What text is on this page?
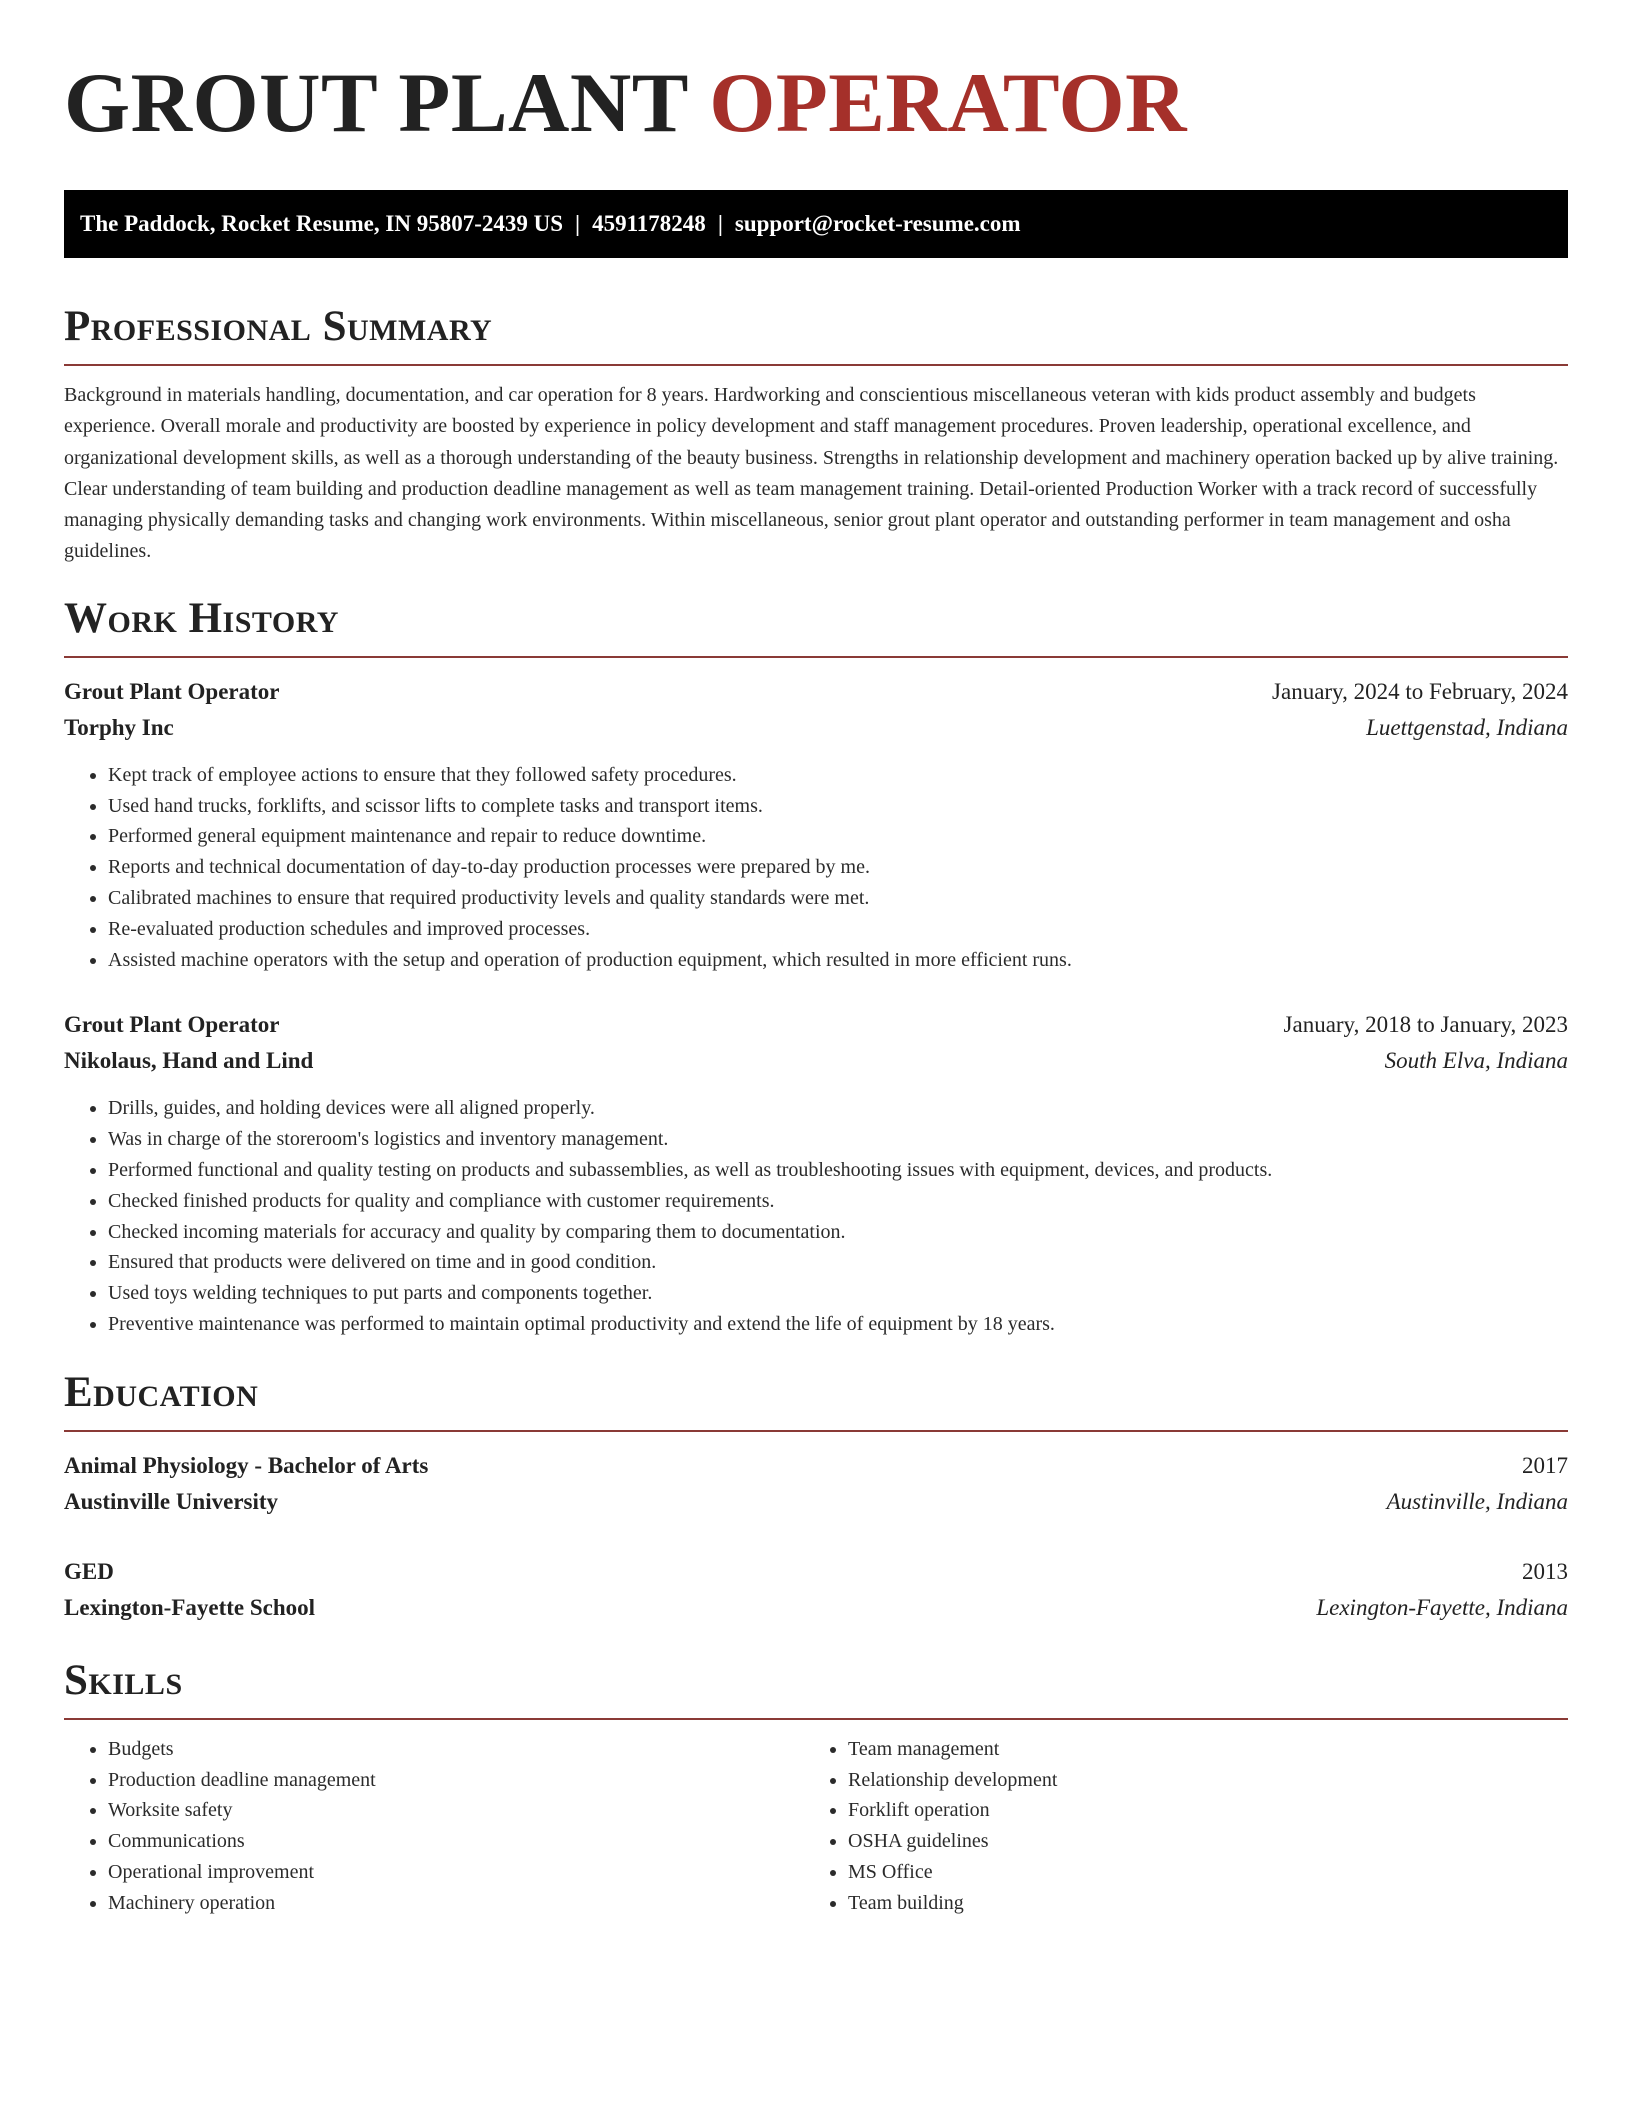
GROUT PLANT OPERATOR
The Paddock, Rocket Resume, IN 95807-2439 US | 4591178248 | support@rocket-resume.com
Professional Summary
Background in materials handling, documentation, and car operation for 8 years. Hardworking and conscientious miscellaneous veteran with kids product assembly and budgets experience. Overall morale and productivity are boosted by experience in policy development and staff management procedures. Proven leadership, operational excellence, and organizational development skills, as well as a thorough understanding of the beauty business. Strengths in relationship development and machinery operation backed up by alive training. Clear understanding of team building and production deadline management as well as team management training. Detail-oriented Production Worker with a track record of successfully managing physically demanding tasks and changing work environments. Within miscellaneous, senior grout plant operator and outstanding performer in team management and osha guidelines.
Work History
Grout Plant Operator	January, 2024 to February, 2024
Torphy Inc	Luettgenstad, Indiana
• Kept track of employee actions to ensure that they followed safety procedures.
• Used hand trucks, forklifts, and scissor lifts to complete tasks and transport items.
• Performed general equipment maintenance and repair to reduce downtime.
• Reports and technical documentation of day-to-day production processes were prepared by me.
• Calibrated machines to ensure that required productivity levels and quality standards were met.
• Re-evaluated production schedules and improved processes.
• Assisted machine operators with the setup and operation of production equipment, which resulted in more efficient runs.
Grout Plant Operator	January, 2018 to January, 2023
Nikolaus, Hand and Lind	South Elva, Indiana
• Drills, guides, and holding devices were all aligned properly.
• Was in charge of the storeroom's logistics and inventory management.
• Performed functional and quality testing on products and subassemblies, as well as troubleshooting issues with equipment, devices, and products.
• Checked finished products for quality and compliance with customer requirements.
• Checked incoming materials for accuracy and quality by comparing them to documentation.
• Ensured that products were delivered on time and in good condition.
• Used toys welding techniques to put parts and components together.
• Preventive maintenance was performed to maintain optimal productivity and extend the life of equipment by 18 years.
Education
Animal Physiology - Bachelor of Arts	2017
Austinville University	Austinville, Indiana
GED	2013
Lexington-Fayette School	Lexington-Fayette, Indiana
Skills
• Budgets
• Production deadline management
• Worksite safety
• Communications
• Operational improvement
• Machinery operation
• Team management
• Relationship development
• Forklift operation
• OSHA guidelines
• MS Office
• Team building
